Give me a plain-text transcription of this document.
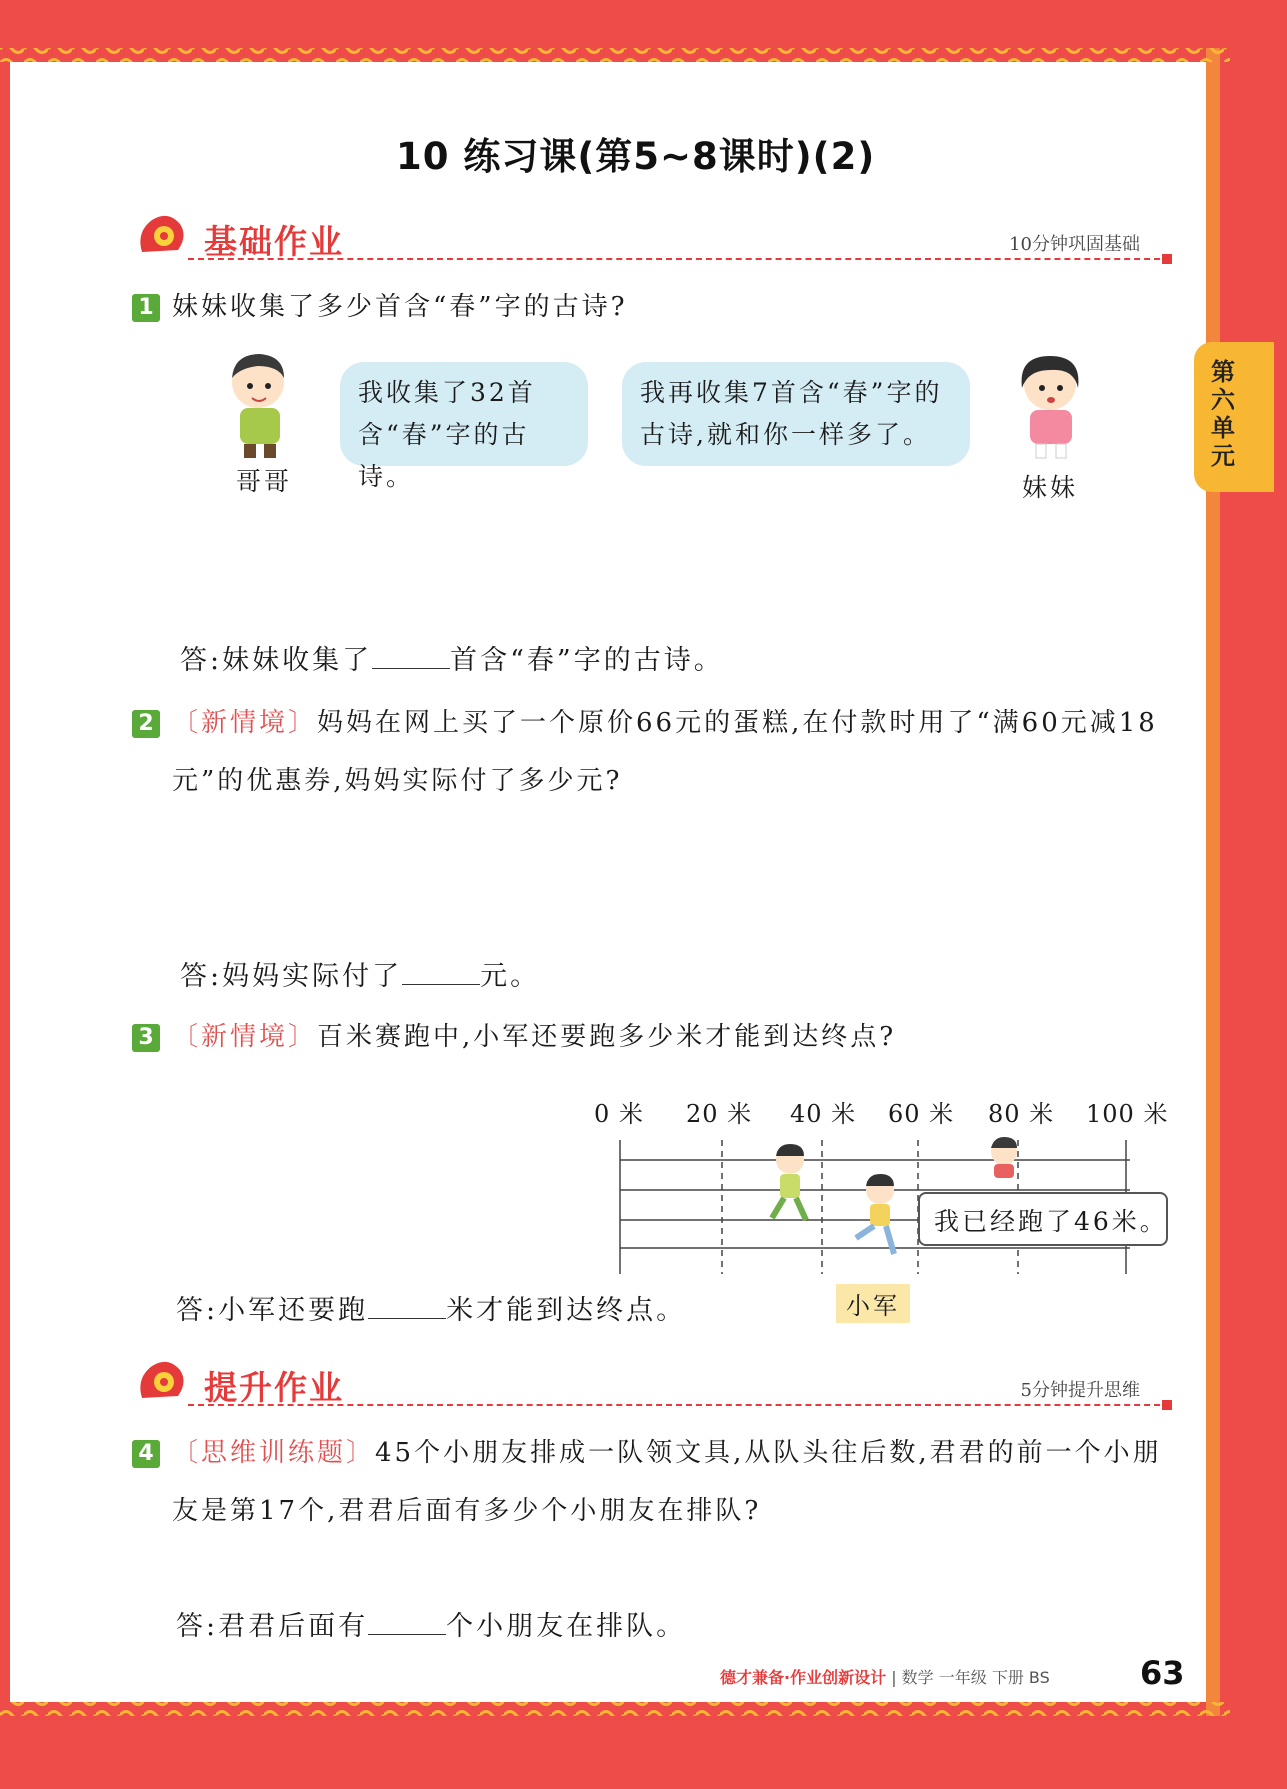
第六单元
10 练习课(第5~8课时)(2)
基础作业	10分钟巩固基础
1 妹妹收集了多少首含“春”字的古诗?
哥哥
我收集了32首含“春”字的古诗。
我再收集7首含“春”字的古诗,就和你一样多了。
妹妹
答:妹妹收集了	首含“春”字的古诗。
2 〔新情境〕妈妈在网上买了一个原价66元的蛋糕,在付款时用了“满60元减18元”的优惠券,妈妈实际付了多少元?
答:妈妈实际付了	元。
3 〔新情境〕百米赛跑中,小军还要跑多少米才能到达终点?
0 米 20 米 40 米 60 米 80 米 100 米
我已经跑了46米。
小军
答:小军还要跑	米才能到达终点。
提升作业	5分钟提升思维
4 〔思维训练题〕45个小朋友排成一队领文具,从队头往后数,君君的前一个小朋友是第17个,君君后面有多少个小朋友在排队?
答:君君后面有	个小朋友在排队。
德才兼备·作业创新设计 | 数学 一年级 下册 BS	63
